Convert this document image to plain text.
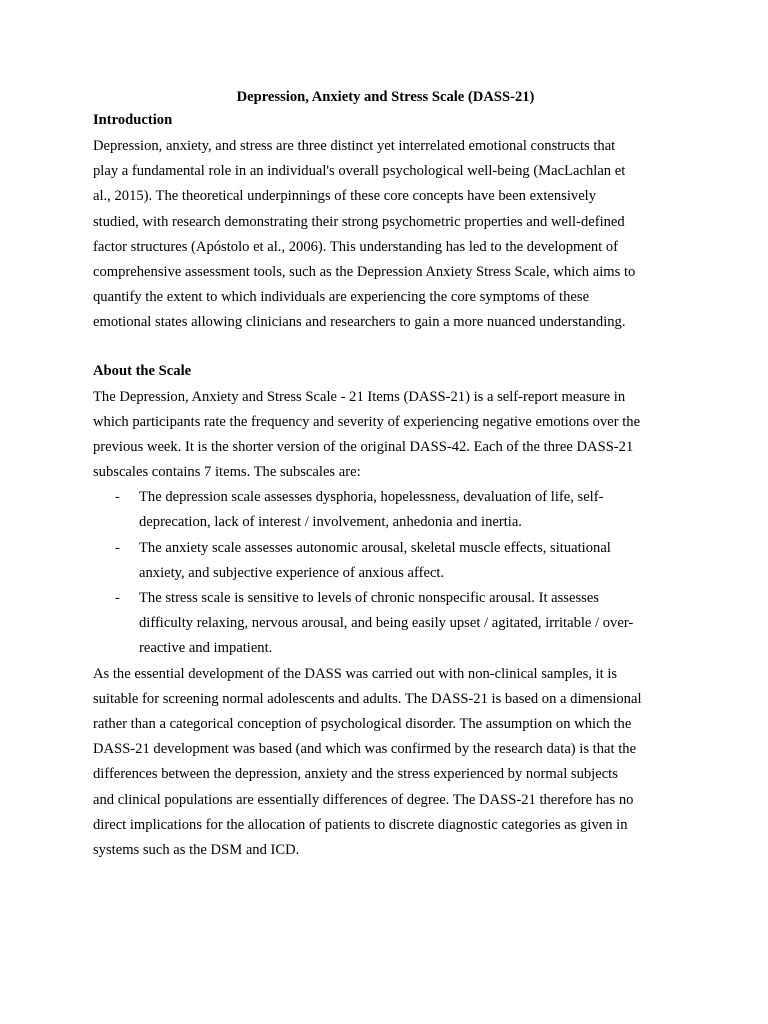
Depression, Anxiety and Stress Scale (DASS-21)
Introduction
Depression, anxiety, and stress are three distinct yet interrelated emotional constructs that
play a fundamental role in an individual's overall psychological well-being (MacLachlan et
al., 2015). The theoretical underpinnings of these core concepts have been extensively
studied, with research demonstrating their strong psychometric properties and well-defined
factor structures (Apóstolo et al., 2006). This understanding has led to the development of
comprehensive assessment tools, such as the Depression Anxiety Stress Scale, which aims to
quantify the extent to which individuals are experiencing the core symptoms of these
emotional states allowing clinicians and researchers to gain a more nuanced understanding.
About the Scale
The Depression, Anxiety and Stress Scale - 21 Items (DASS-21) is a self-report measure in
which participants rate the frequency and severity of experiencing negative emotions over the
previous week. It is the shorter version of the original DASS-42. Each of the three DASS-21
subscales contains 7 items. The subscales are:
- The depression scale assesses dysphoria, hopelessness, devaluation of life, self-
deprecation, lack of interest / involvement, anhedonia and inertia.
- The anxiety scale assesses autonomic arousal, skeletal muscle effects, situational
anxiety, and subjective experience of anxious affect.
- The stress scale is sensitive to levels of chronic nonspecific arousal. It assesses
difficulty relaxing, nervous arousal, and being easily upset / agitated, irritable / over-
reactive and impatient.
As the essential development of the DASS was carried out with non-clinical samples, it is
suitable for screening normal adolescents and adults. The DASS-21 is based on a dimensional
rather than a categorical conception of psychological disorder. The assumption on which the
DASS-21 development was based (and which was confirmed by the research data) is that the
differences between the depression, anxiety and the stress experienced by normal subjects
and clinical populations are essentially differences of degree. The DASS-21 therefore has no
direct implications for the allocation of patients to discrete diagnostic categories as given in
systems such as the DSM and ICD.
